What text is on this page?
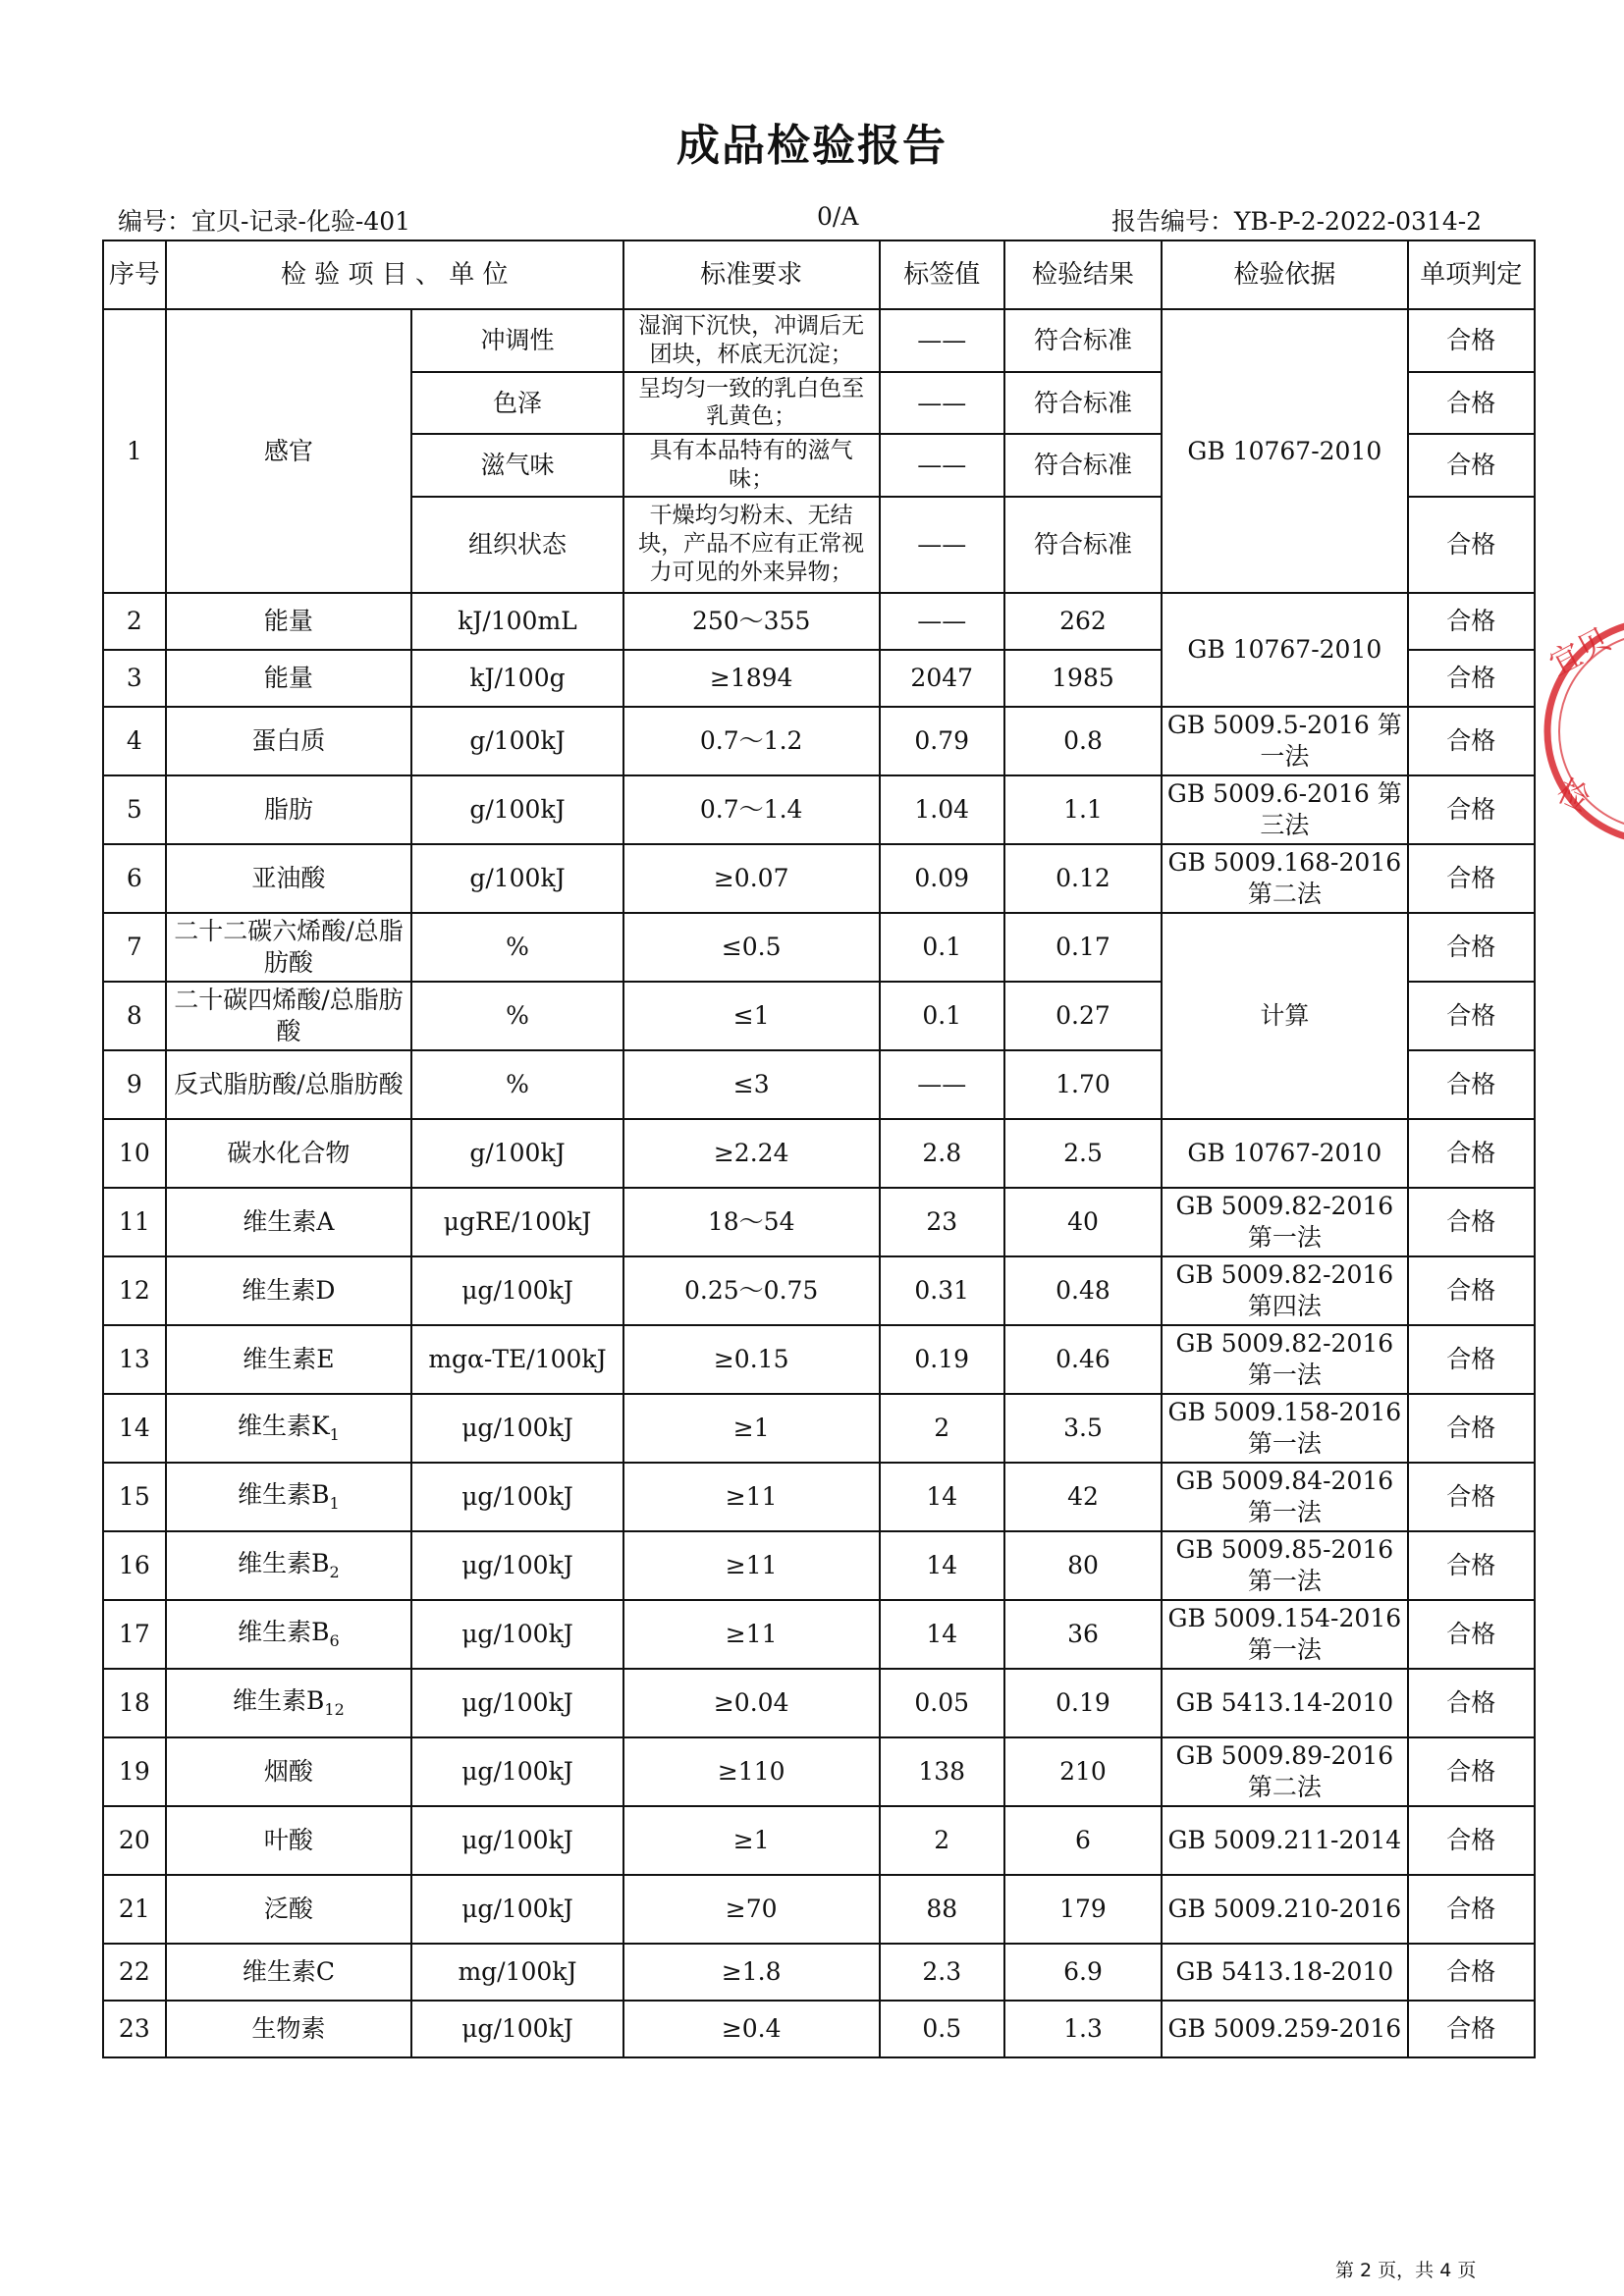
成品检验报告
编号：宜贝-记录-化验-401	0/A	报告编号：YB-P-2-2022-0314-2
序号	检 验 项 目 、 单 位		标准要求	标签值	检验结果	检验依据	单项判定
1	感官	冲调性	湿润下沉快，冲调后无团块，杯底无沉淀；	——	符合标准	GB 10767-2010	合格
		色泽	呈均匀一致的乳白色至乳黄色；	——	符合标准		合格
		滋气味	具有本品特有的滋气味；	——	符合标准		合格
		组织状态	干燥均匀粉末、无结块，产品不应有正常视力可见的外来异物；	——	符合标准		合格
2	能量	kJ/100mL	250～355	——	262	GB 10767-2010	合格
3	能量	kJ/100g	≥1894	2047	1985		合格
4	蛋白质	g/100kJ	0.7～1.2	0.79	0.8	GB 5009.5-2016 第一法	合格
5	脂肪	g/100kJ	0.7～1.4	1.04	1.1	GB 5009.6-2016 第三法	合格
6	亚油酸	g/100kJ	≥0.07	0.09	0.12	GB 5009.168-2016 第二法	合格
7	二十二碳六烯酸/总脂肪酸	%	≤0.5	0.1	0.17	计算	合格
8	二十碳四烯酸/总脂肪酸	%	≤1	0.1	0.27		合格
9	反式脂肪酸/总脂肪酸	%	≤3	——	1.70		合格
10	碳水化合物	g/100kJ	≥2.24	2.8	2.5	GB 10767-2010	合格
11	维生素A	μgRE/100kJ	18～54	23	40	GB 5009.82-2016 第一法	合格
12	维生素D	μg/100kJ	0.25～0.75	0.31	0.48	GB 5009.82-2016 第四法	合格
13	维生素E	mgα-TE/100kJ	≥0.15	0.19	0.46	GB 5009.82-2016 第一法	合格
14	维生素$K_1$	μg/100kJ	≥1	2	3.5	GB 5009.158-2016 第一法	合格
15	维生素$B_1$	μg/100kJ	≥11	14	42	GB 5009.84-2016 第一法	合格
16	维生素$B_2$	μg/100kJ	≥11	14	80	GB 5009.85-2016 第一法	合格
17	维生素$B_6$	μg/100kJ	≥11	14	36	GB 5009.154-2016 第一法	合格
18	维生素$B_{12}$	μg/100kJ	≥0.04	0.05	0.19	GB 5413.14-2010	合格
19	烟酸	μg/100kJ	≥110	138	210	GB 5009.89-2016 第二法	合格
20	叶酸	μg/100kJ	≥1	2	6	GB 5009.211-2014	合格
21	泛酸	μg/100kJ	≥70	88	179	GB 5009.210-2016	合格
22	维生素C	mg/100kJ	≥1.8	2.3	6.9	GB 5413.18-2010	合格
23	生物素	μg/100kJ	≥0.4	0.5	1.3	GB 5009.259-2016	合格
宜贝
检
第 2 页，共 4 页
